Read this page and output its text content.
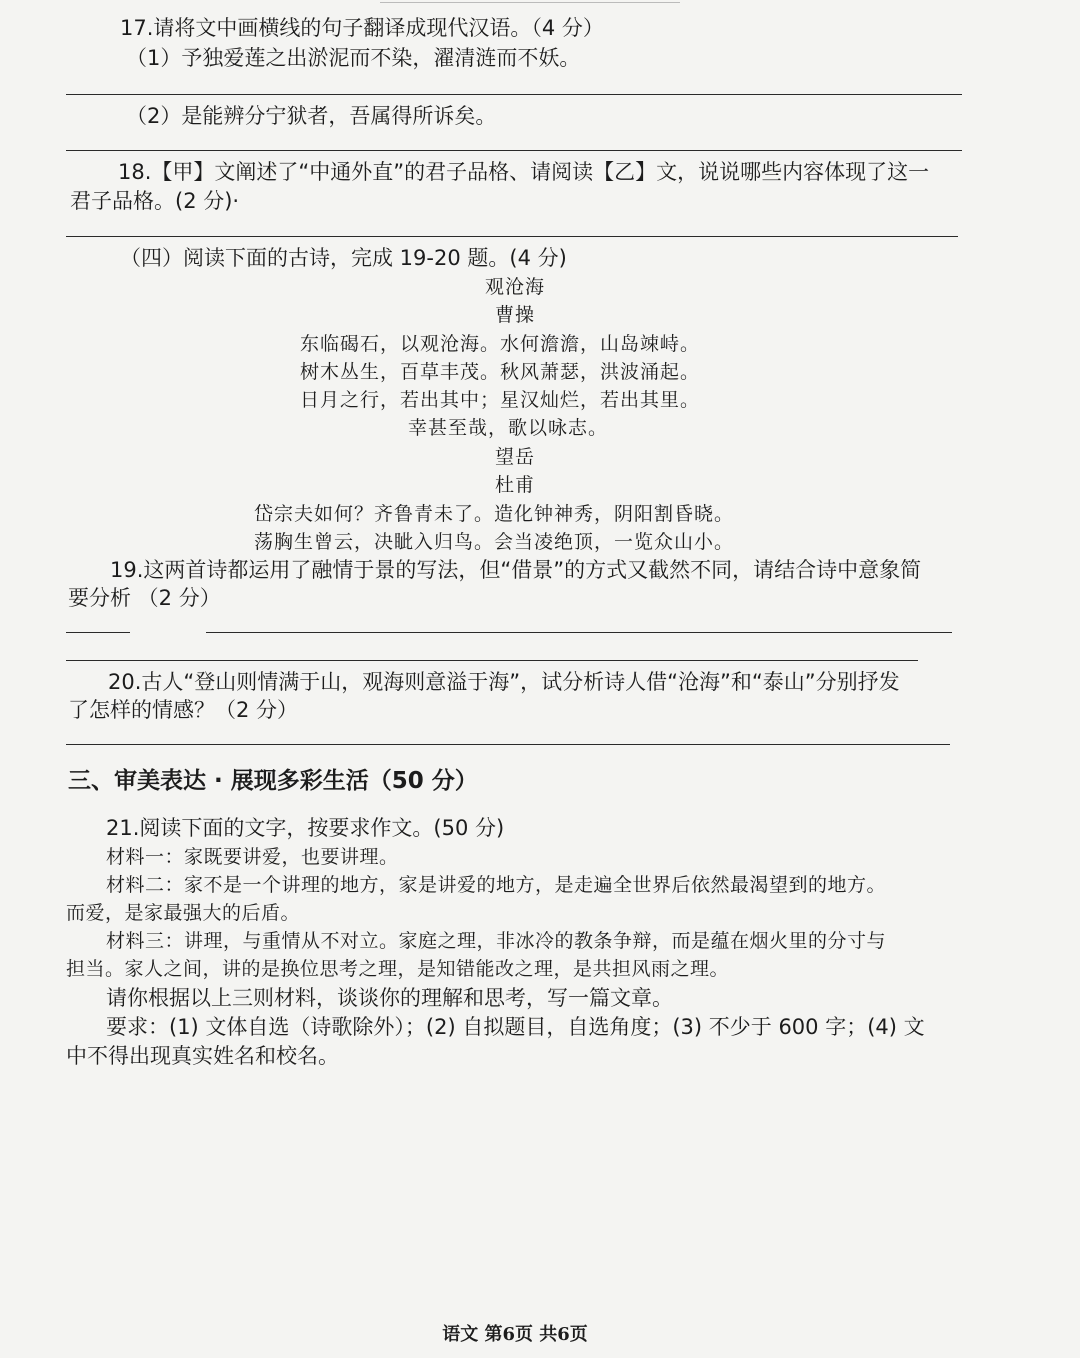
17.请将文中画横线的句子翻译成现代汉语。（4 分）
（1）予独爱莲之出淤泥而不染，濯清涟而不妖。
（2）是能辨分宁狱者，吾属得所诉矣。
18.【甲】文阐述了“中通外直”的君子品格、请阅读【乙】文，说说哪些内容体现了这一
君子品格。(2 分)·
（四）阅读下面的古诗，完成 19-20 题。(4 分)
观沧海
曹操
东临碣石，以观沧海。水何澹澹，山岛竦峙。
树木丛生，百草丰茂。秋风萧瑟，洪波涌起。
日月之行，若出其中；星汉灿烂，若出其里。
幸甚至哉，歌以咏志。
望岳
杜甫
岱宗夫如何？齐鲁青未了。造化钟神秀，阴阳割昏晓。
荡胸生曾云，决眦入归鸟。会当凌绝顶，一览众山小。
19.这两首诗都运用了融情于景的写法，但“借景”的方式又截然不同，请结合诗中意象简
要分析 （2 分）
20.古人“登山则情满于山，观海则意溢于海”，试分析诗人借“沧海”和“泰山”分别抒发
了怎样的情感？（2 分）
三、审美表达 · 展现多彩生活（50 分）
21.阅读下面的文字，按要求作文。(50 分)
材料一：家既要讲爱，也要讲理。
材料二：家不是一个讲理的地方，家是讲爱的地方，是走遍全世界后依然最渴望到的地方。
而爱，是家最强大的后盾。
材料三：讲理，与重情从不对立。家庭之理，非冰冷的教条争辩，而是蕴在烟火里的分寸与
担当。家人之间，讲的是换位思考之理，是知错能改之理，是共担风雨之理。
请你根据以上三则材料，谈谈你的理解和思考，写一篇文章。
要求：(1) 文体自选（诗歌除外）；(2) 自拟题目，自选角度；(3) 不少于 600 字；(4) 文
中不得出现真实姓名和校名。
语文 第6页 共6页
